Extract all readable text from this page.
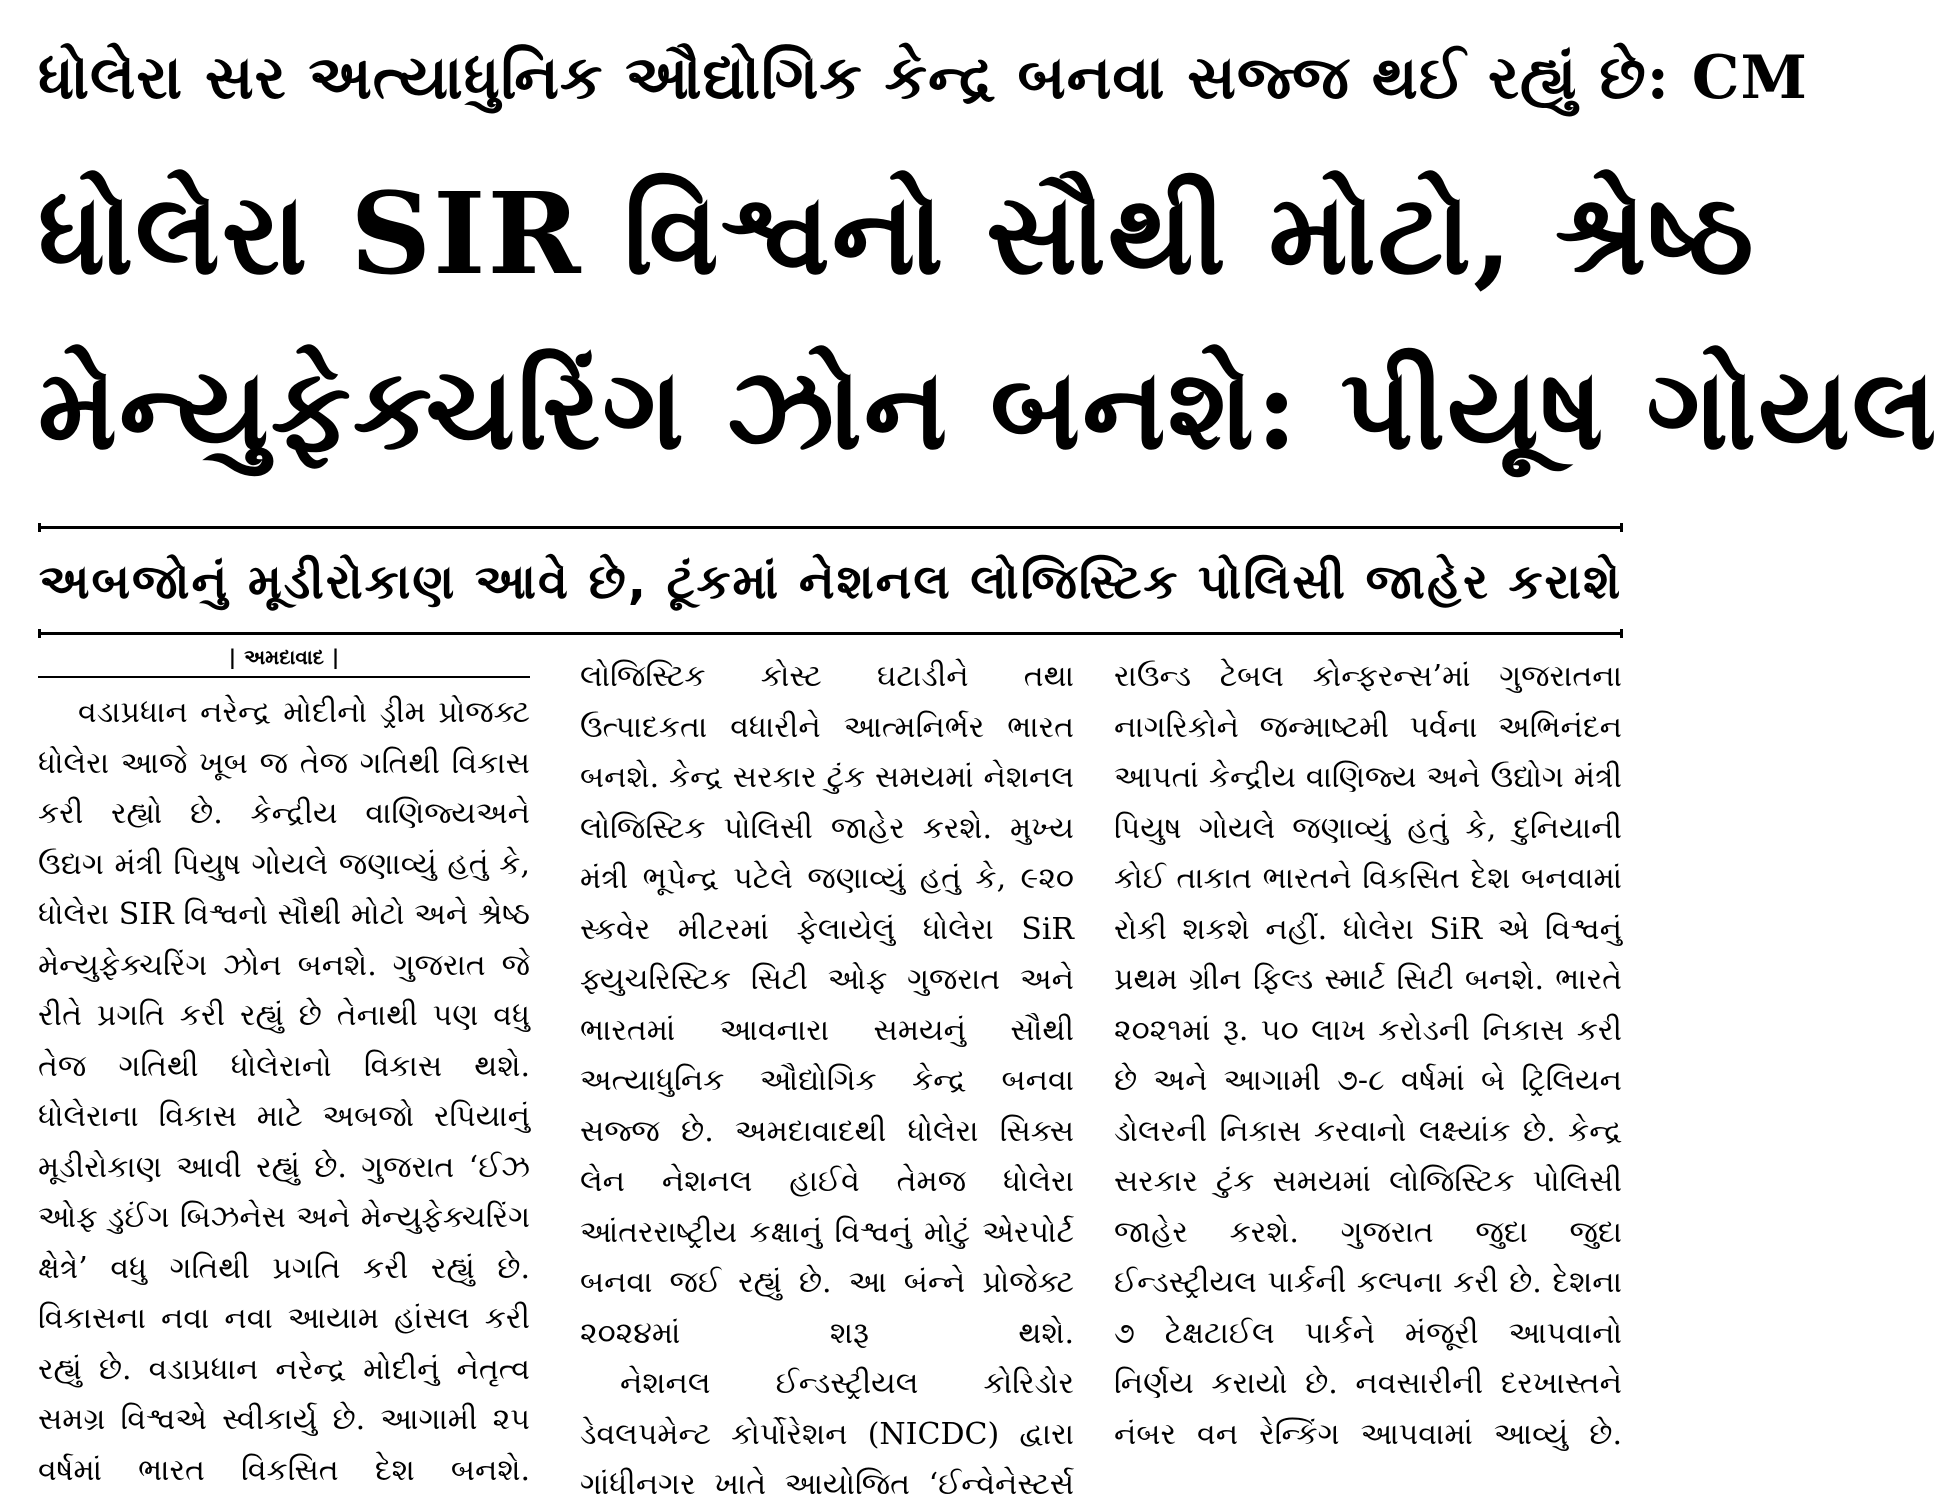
ધોલેરા સર અત્યાધુનિક ઔદ્યોગિક કેન્દ્ર બનવા સજ્જ થઈ રહ્યું છે: CM
ધોલેરા SIR વિશ્વનો સૌથી મોટો, શ્રેષ્ઠ
મેન્યુફેક્ચરિંગ ઝોન બનશે: પીયૂષ ગોયલ
અબજોનું મૂડીરોકાણ આવે છે, ટૂંકમાં નેશનલ લોજિસ્ટિક પોલિસી જાહેર કરાશે
| અમદાવાદ |

વડાપ્રધાન નરેન્દ્ર મોદીનો ડ્રીમ પ્રોજક્ટ ધોલેરા આજે ખૂબ જ તેજ ગતિથી વિકાસ કરી રહ્યો છે. કેન્દ્રીય વાણિજ્યઅને ઉદ્યગ મંત્રી પિયુષ ગોયલે જણાવ્યું હતું કે, ધોલેરા SIR વિશ્વનો સૌથી મોટો અને શ્રેષ્ઠ મેન્યુફેક્ચરિંગ ઝોન બનશે. ગુજરાત જે રીતે પ્રગતિ કરી રહ્યું છે તેનાથી પણ વધુ તેજ ગતિથી ધોલેરાનો વિકાસ થશે. ધોલેરાના વિકાસ માટે અબજો રપિયાનું મૂડીરોકાણ આવી રહ્યું છે. ગુજરાત ‘ઈઝ ઓફ ડુઈંગ બિઝનેસ અને મેન્યુફેક્ચરિંગ ક્ષેત્રે’ વધુ ગતિથી પ્રગતિ કરી રહ્યું છે. વિકાસના નવા નવા આયામ હાંસલ કરી રહ્યું છે. વડાપ્રધાન નરેન્દ્ર મોદીનું નેતૃત્વ સમગ્ર વિશ્વએ સ્વીકાર્યુ છે. આગામી ૨૫ વર્ષમાં ભારત વિકસિત દેશ બનશે.

લોજિસ્ટિક કોસ્ટ ઘટાડીને તથા ઉત્પાદકતા વધારીને આત્મનિર્ભર ભારત બનશે. કેન્દ્ર સરકાર ટુંક સમયમાં નેશનલ લોજિસ્ટિક પોલિસી જાહેર કરશે. મુખ્ય મંત્રી ભૂપેન્દ્ર પટેલે જણાવ્યું હતું કે, ૯૨૦ સ્કવેર મીટરમાં ફેલાયેલું ધોલેરા SiR ફ્યુચરિસ્ટિક સિટી ઓફ ગુજરાત અને ભારતમાં આવનારા સમયનું સૌથી અત્યાધુનિક ઔદ્યોગિક કેન્દ્ર બનવા સજ્જ છે. અમદાવાદથી ધોલેરા સિક્સ લેન નેશનલ હાઈવે તેમજ ધોલેરા આંતરરાષ્ટ્રીય કક્ષાનું વિશ્વનું મોટું એરપોર્ટ બનવા જઈ રહ્યું છે. આ બંન્ને પ્રોજેક્ટ ૨૦૨૪માં શરૂ થશે.

નેશનલ ઈન્ડસ્ટ્રીયલ કોરિડોર ડેવલપમેન્ટ કોર્પોરેશન (NICDC) દ્વારા ગાંધીનગર ખાતે આયોજિત ‘ઈન્વેનેસ્ટર્સ

રાઉન્ડ ટેબલ કોન્ફરન્સ’માં ગુજરાતના નાગરિકોને જન્માષ્ટમી પર્વના અભિનંદન આપતાં કેન્દ્રીય વાણિજ્ય અને ઉદ્યોગ મંત્રી પિયુષ ગોયલે જણાવ્યું હતું કે, દુનિયાની કોઈ તાકાત ભારતને વિકસિત દેશ બનવામાં રોકી શકશે નહીં. ધોલેરા SiR એ વિશ્વનું પ્રથમ ગ્રીન ફિલ્ડ સ્માર્ટ સિટી બનશે. ભારતે ૨૦૨૧માં રૂ. ૫૦ લાખ કરોડની નિકાસ કરી છે અને આગામી ૭-૮ વર્ષમાં બે ટ્રિલિયન ડોલરની નિકાસ કરવાનો લક્ષ્યાંક છે. કેન્દ્ર સરકાર ટુંક સમયમાં લોજિસ્ટિક પોલિસી જાહેર કરશે. ગુજરાત જુદા જુદા ઈન્ડસ્ટ્રીયલ પાર્કની કલ્પના કરી છે. દેશના ૭ ટેક્ષટાઈલ પાર્કને મંજૂરી આપવાનો નિર્ણય કરાયો છે. નવસારીની દરખાસ્તને નંબર વન રેન્કિંગ આપવામાં આવ્યું છે.
